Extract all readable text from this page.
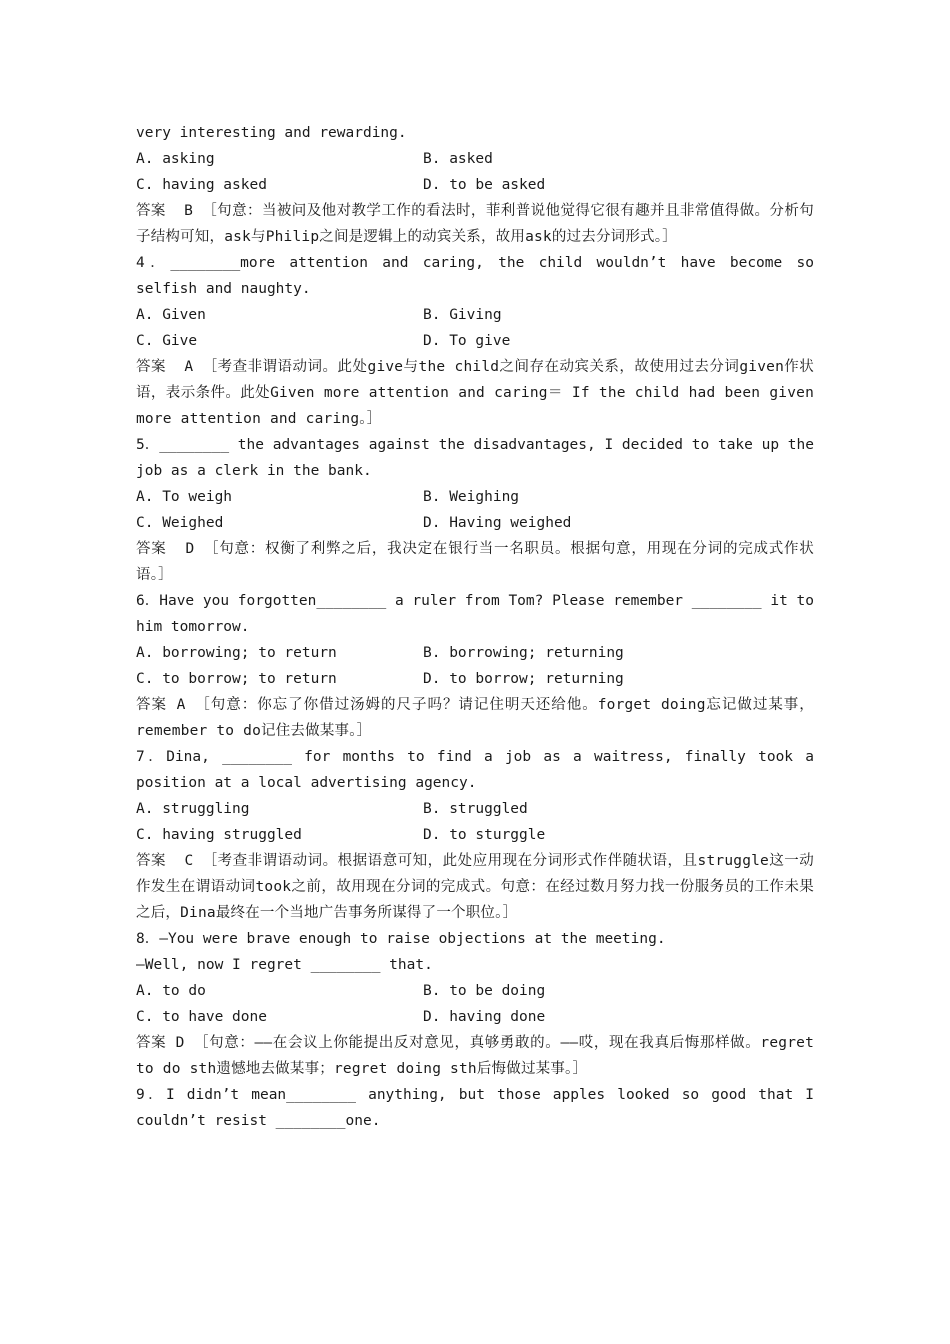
very interesting and rewarding.

A. asking	B. asked
C. having asked	D. to be asked

答案  B ［句意：当被问及他对教学工作的看法时，菲利普说他觉得它很有趣并且非常值得做。分析句子结构可知，ask与Philip之间是逻辑上的动宾关系，故用ask的过去分词形式。］

4．________more attention and caring, the child wouldn’t have become so selfish and naughty.

A. Given	B. Giving
C. Give	D. To give

答案  A ［考查非谓语动词。此处give与the child之间存在动宾关系，故使用过去分词given作状语，表示条件。此处Given more attention and caring＝ If the child had been given more attention and caring。］

5．________ the advantages against the disadvantages, I decided to take up the job as a clerk in the bank.

A. To weigh	B. Weighing
C. Weighed	D. Having weighed

答案  D ［句意：权衡了利弊之后，我决定在银行当一名职员。根据句意，用现在分词的完成式作状语。］

6．Have you forgotten________ a ruler from Tom? Please remember ________ it to him tomorrow.

A. borrowing; to return	B. borrowing; returning
C. to borrow; to return	D. to borrow; returning

答案 A ［句意：你忘了你借过汤姆的尺子吗？请记住明天还给他。forget doing忘记做过某事，remember to do记住去做某事。］

7．Dina, ________ for months to find a job as a waitress, finally took a position at a local advertising agency.

A. struggling	B. struggled
C. having struggled	D. to sturggle

答案  C ［考查非谓语动词。根据语意可知，此处应用现在分词形式作伴随状语，且struggle这一动作发生在谓语动词took之前，故用现在分词的完成式。句意：在经过数月努力找一份服务员的工作未果之后，Dina最终在一个当地广告事务所谋得了一个职位。］

8．—You were brave enough to raise objections at the meeting.

—Well, now I regret ________ that.

A. to do	B. to be doing
C. to have done	D. having done

答案 D ［句意：——在会议上你能提出反对意见，真够勇敢的。——哎，现在我真后悔那样做。regret to do sth遗憾地去做某事；regret doing sth后悔做过某事。］

9．I didn’t mean________ anything, but those apples looked so good that I couldn’t resist ________one.
